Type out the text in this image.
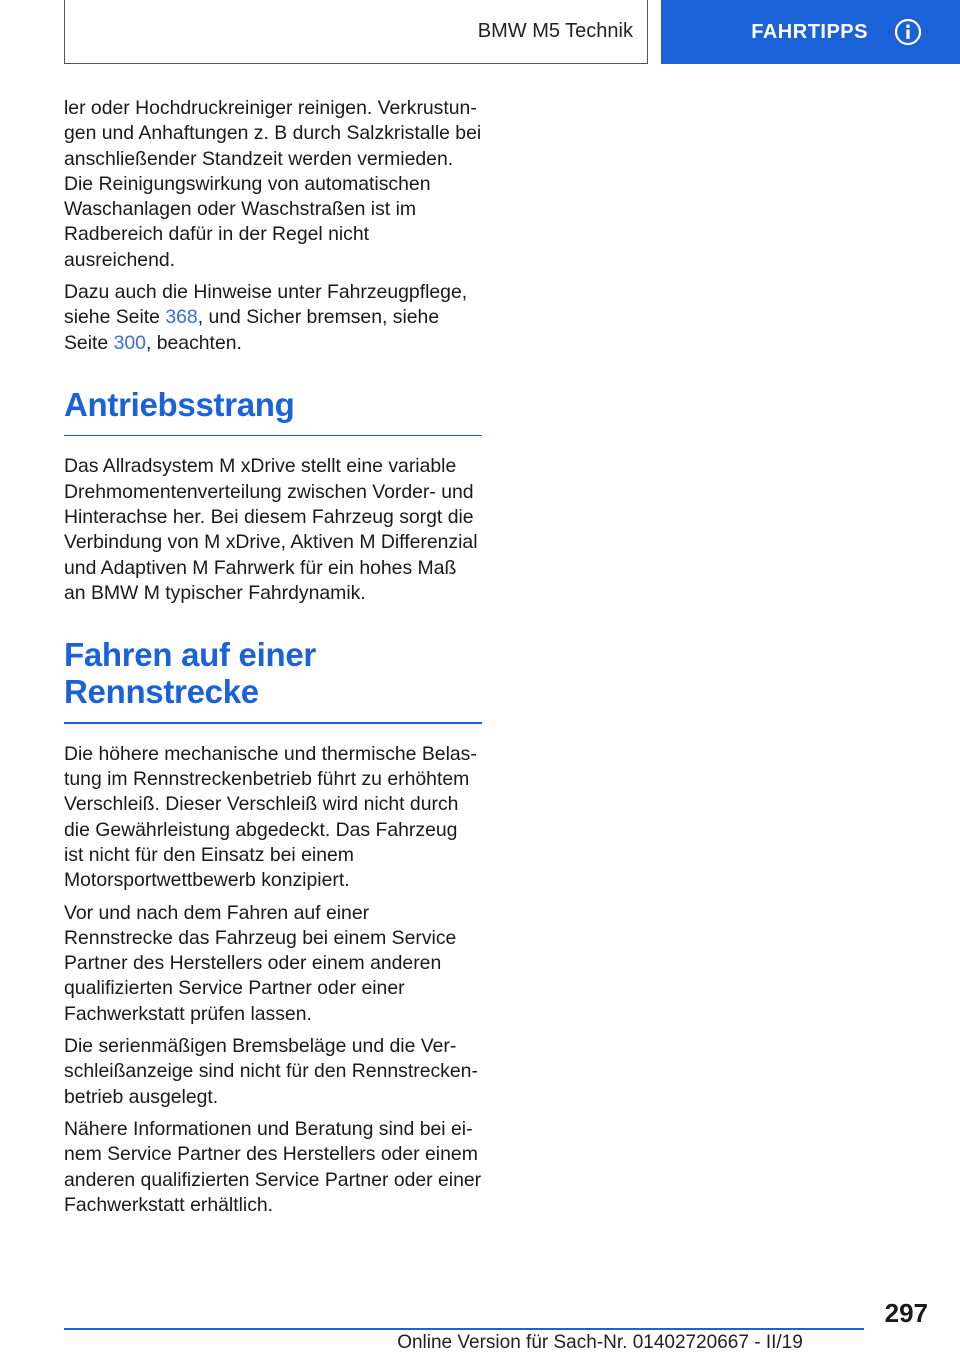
BMW M5 Technik	FAHRTIPPS

ler oder Hochdruckreiniger reinigen. Verkrustungen und Anhaftungen z. B durch Salzkristalle bei anschließender Standzeit werden vermieden. Die Reinigungswirkung von automatischen Waschanlagen oder Waschstraßen ist im Radbereich dafür in der Regel nicht ausreichend.

Dazu auch die Hinweise unter Fahrzeugpflege, siehe Seite 368, und Sicher bremsen, siehe Seite 300, beachten.

Antriebsstrang

Das Allradsystem M xDrive stellt eine variable Drehmomentenverteilung zwischen Vorder- und Hinterachse her. Bei diesem Fahrzeug sorgt die Verbindung von M xDrive, Aktiven M Differenzial und Adaptiven M Fahrwerk für ein hohes Maß an BMW M typischer Fahrdynamik.

Fahren auf einer
Rennstrecke

Die höhere mechanische und thermische Belastung im Rennstreckenbetrieb führt zu erhöhtem Verschleiß. Dieser Verschleiß wird nicht durch die Gewährleistung abgedeckt. Das Fahrzeug ist nicht für den Einsatz bei einem Motorsportwettbewerb konzipiert.

Vor und nach dem Fahren auf einer Rennstrecke das Fahrzeug bei einem Service Partner des Herstellers oder einem anderen qualifizierten Service Partner oder einer Fachwerkstatt prüfen lassen.

Die serienmäßigen Bremsbeläge und die Verschleißanzeige sind nicht für den Rennstreckenbetrieb ausgelegt.

Nähere Informationen und Beratung sind bei einem Service Partner des Herstellers oder einem anderen qualifizierten Service Partner oder einer Fachwerkstatt erhältlich.

297
Online Version für Sach-Nr. 01402720667 - II/19
